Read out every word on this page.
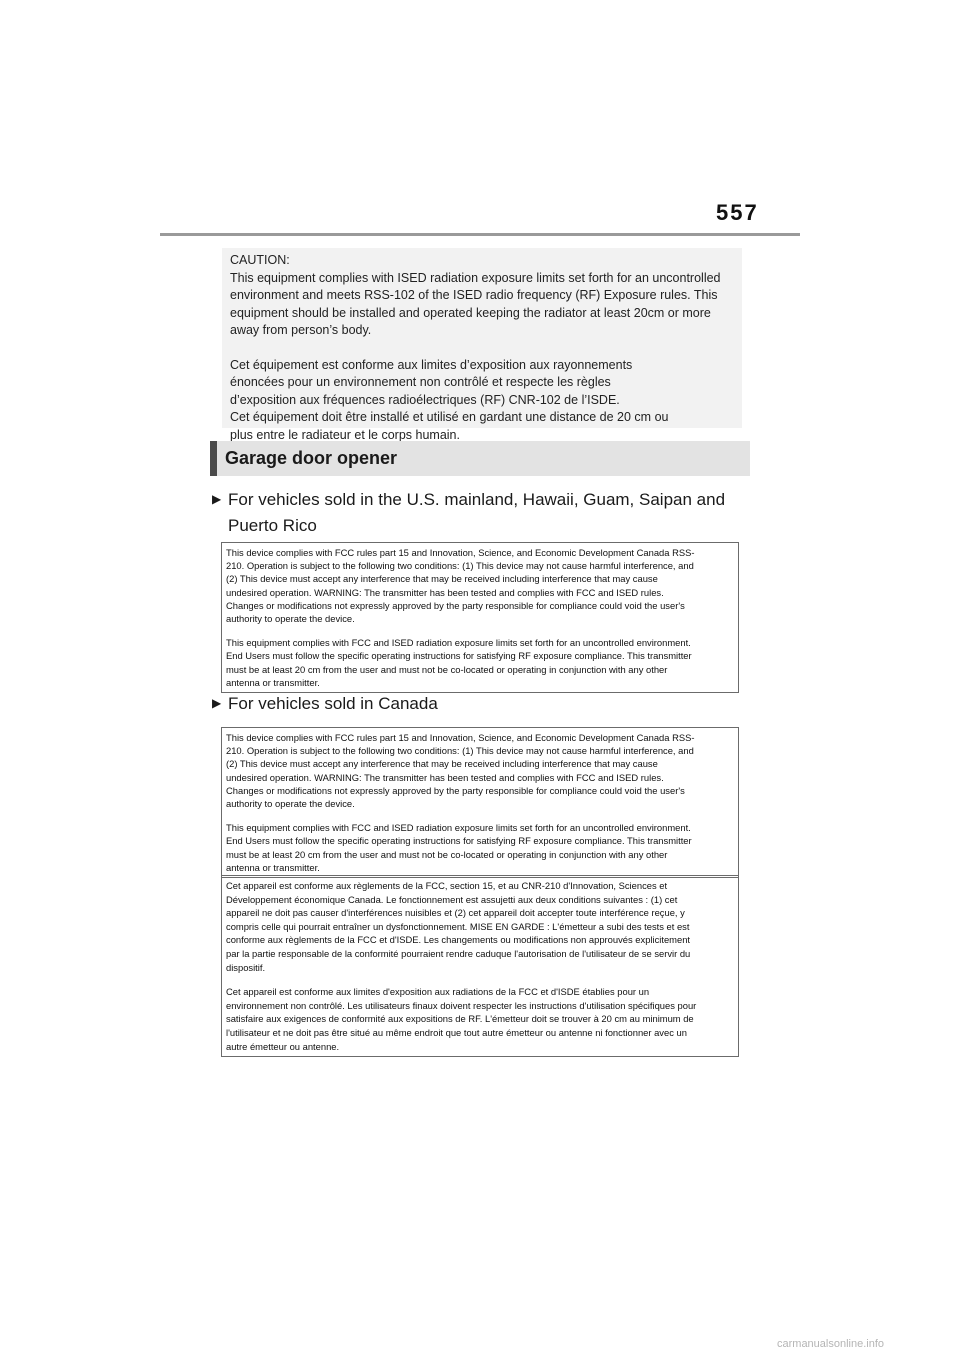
557

CAUTION:

This equipment complies with ISED radiation exposure limits set forth for an uncontrolled

environment and meets RSS-102 of the ISED radio frequency (RF) Exposure rules. This

equipment should be installed and operated keeping the radiator at least 20cm or more

away from person’s body.

Cet équipement est conforme aux limites d’exposition aux rayonnements

énoncées pour un environnement non contrôlé et respecte les règles

d’exposition aux fréquences radioélectriques (RF) CNR-102 de l’ISDE.

Cet équipement doit être installé et utilisé en gardant une distance de 20 cm ou

plus entre le radiateur et le corps humain.

Garage door opener
▶ For vehicles sold in the U.S. mainland, Hawaii, Guam, Saipan and
Puerto Rico

This device complies with FCC rules part 15 and Innovation, Science, and Economic Development Canada RSS-

210. Operation is subject to the following two conditions: (1) This device may not cause harmful interference, and

(2) This device must accept any interference that may be received including interference that may cause

undesired operation. WARNING: The transmitter has been tested and complies with FCC and ISED rules.

Changes or modifications not expressly approved by the party responsible for compliance could void the user's

authority to operate the device.

This equipment complies with FCC and ISED radiation exposure limits set forth for an uncontrolled environment.

End Users must follow the specific operating instructions for satisfying RF exposure compliance. This transmitter

must be at least 20 cm from the user and must not be co-located or operating in conjunction with any other

antenna or transmitter.

▶ For vehicles sold in Canada

This device complies with FCC rules part 15 and Innovation, Science, and Economic Development Canada RSS-

210. Operation is subject to the following two conditions: (1) This device may not cause harmful interference, and

(2) This device must accept any interference that may be received including interference that may cause

undesired operation. WARNING: The transmitter has been tested and complies with FCC and ISED rules.

Changes or modifications not expressly approved by the party responsible for compliance could void the user's

authority to operate the device.

This equipment complies with FCC and ISED radiation exposure limits set forth for an uncontrolled environment.

End Users must follow the specific operating instructions for satisfying RF exposure compliance. This transmitter

must be at least 20 cm from the user and must not be co-located or operating in conjunction with any other

antenna or transmitter.

Cet appareil est conforme aux règlements de la FCC, section 15, et au CNR-210 d'Innovation, Sciences et

Développement économique Canada. Le fonctionnement est assujetti aux deux conditions suivantes : (1) cet

appareil ne doit pas causer d'interférences nuisibles et (2) cet appareil doit accepter toute interférence reçue, y

compris celle qui pourrait entraîner un dysfonctionnement. MISE EN GARDE : L'émetteur a subi des tests et est

conforme aux règlements de la FCC et d'ISDE. Les changements ou modifications non approuvés explicitement

par la partie responsable de la conformité pourraient rendre caduque l'autorisation de l'utilisateur de se servir du

dispositif.

Cet appareil est conforme aux limites d'exposition aux radiations de la FCC et d'ISDE établies pour un

environnement non contrôlé. Les utilisateurs finaux doivent respecter les instructions d'utilisation spécifiques pour

satisfaire aux exigences de conformité aux expositions de RF. L'émetteur doit se trouver à 20 cm au minimum de

l'utilisateur et ne doit pas être situé au même endroit que tout autre émetteur ou antenne ni fonctionner avec un

autre émetteur ou antenne.

carmanualsonline.info
